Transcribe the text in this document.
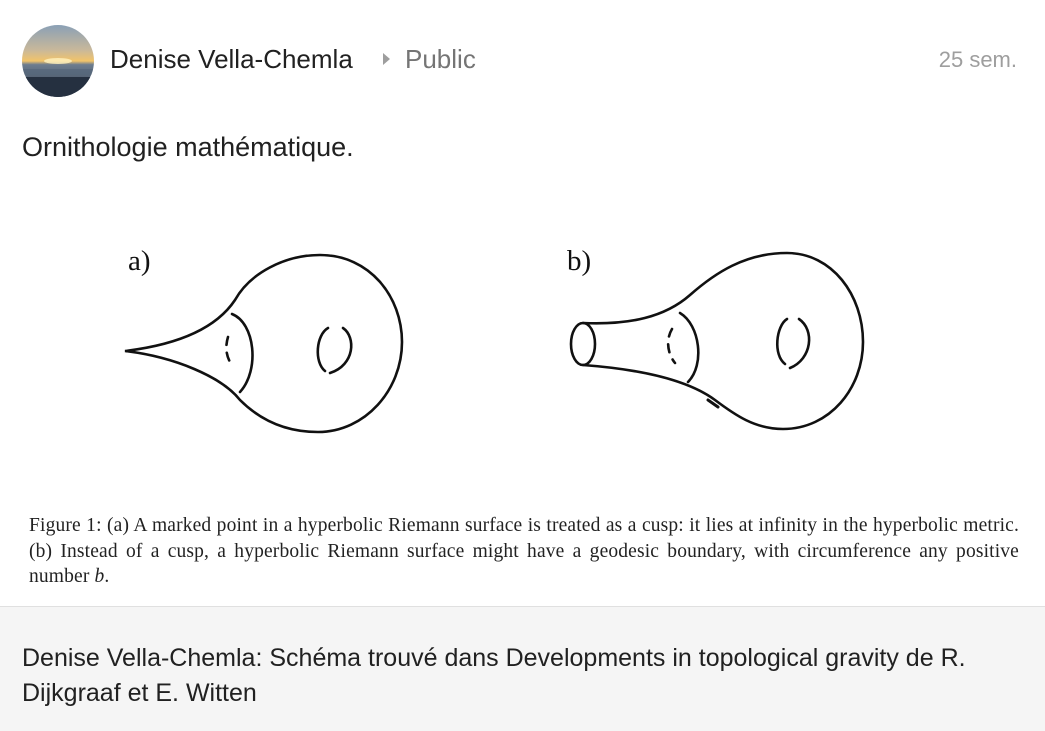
Denise Vella-Chemla Public	25 sem.
Ornithologie mathématique.
a)	b)
Figure 1: (a) A marked point in a hyperbolic Riemann surface is treated as a cusp: it lies at infinity in the hyperbolic metric. (b) Instead of a cusp, a hyperbolic Riemann surface might have a geodesic boundary, with circumference any positive number b.
Denise Vella-Chemla: Schéma trouvé dans Developments in topological gravity de R. Dijkgraaf et E. Witten
